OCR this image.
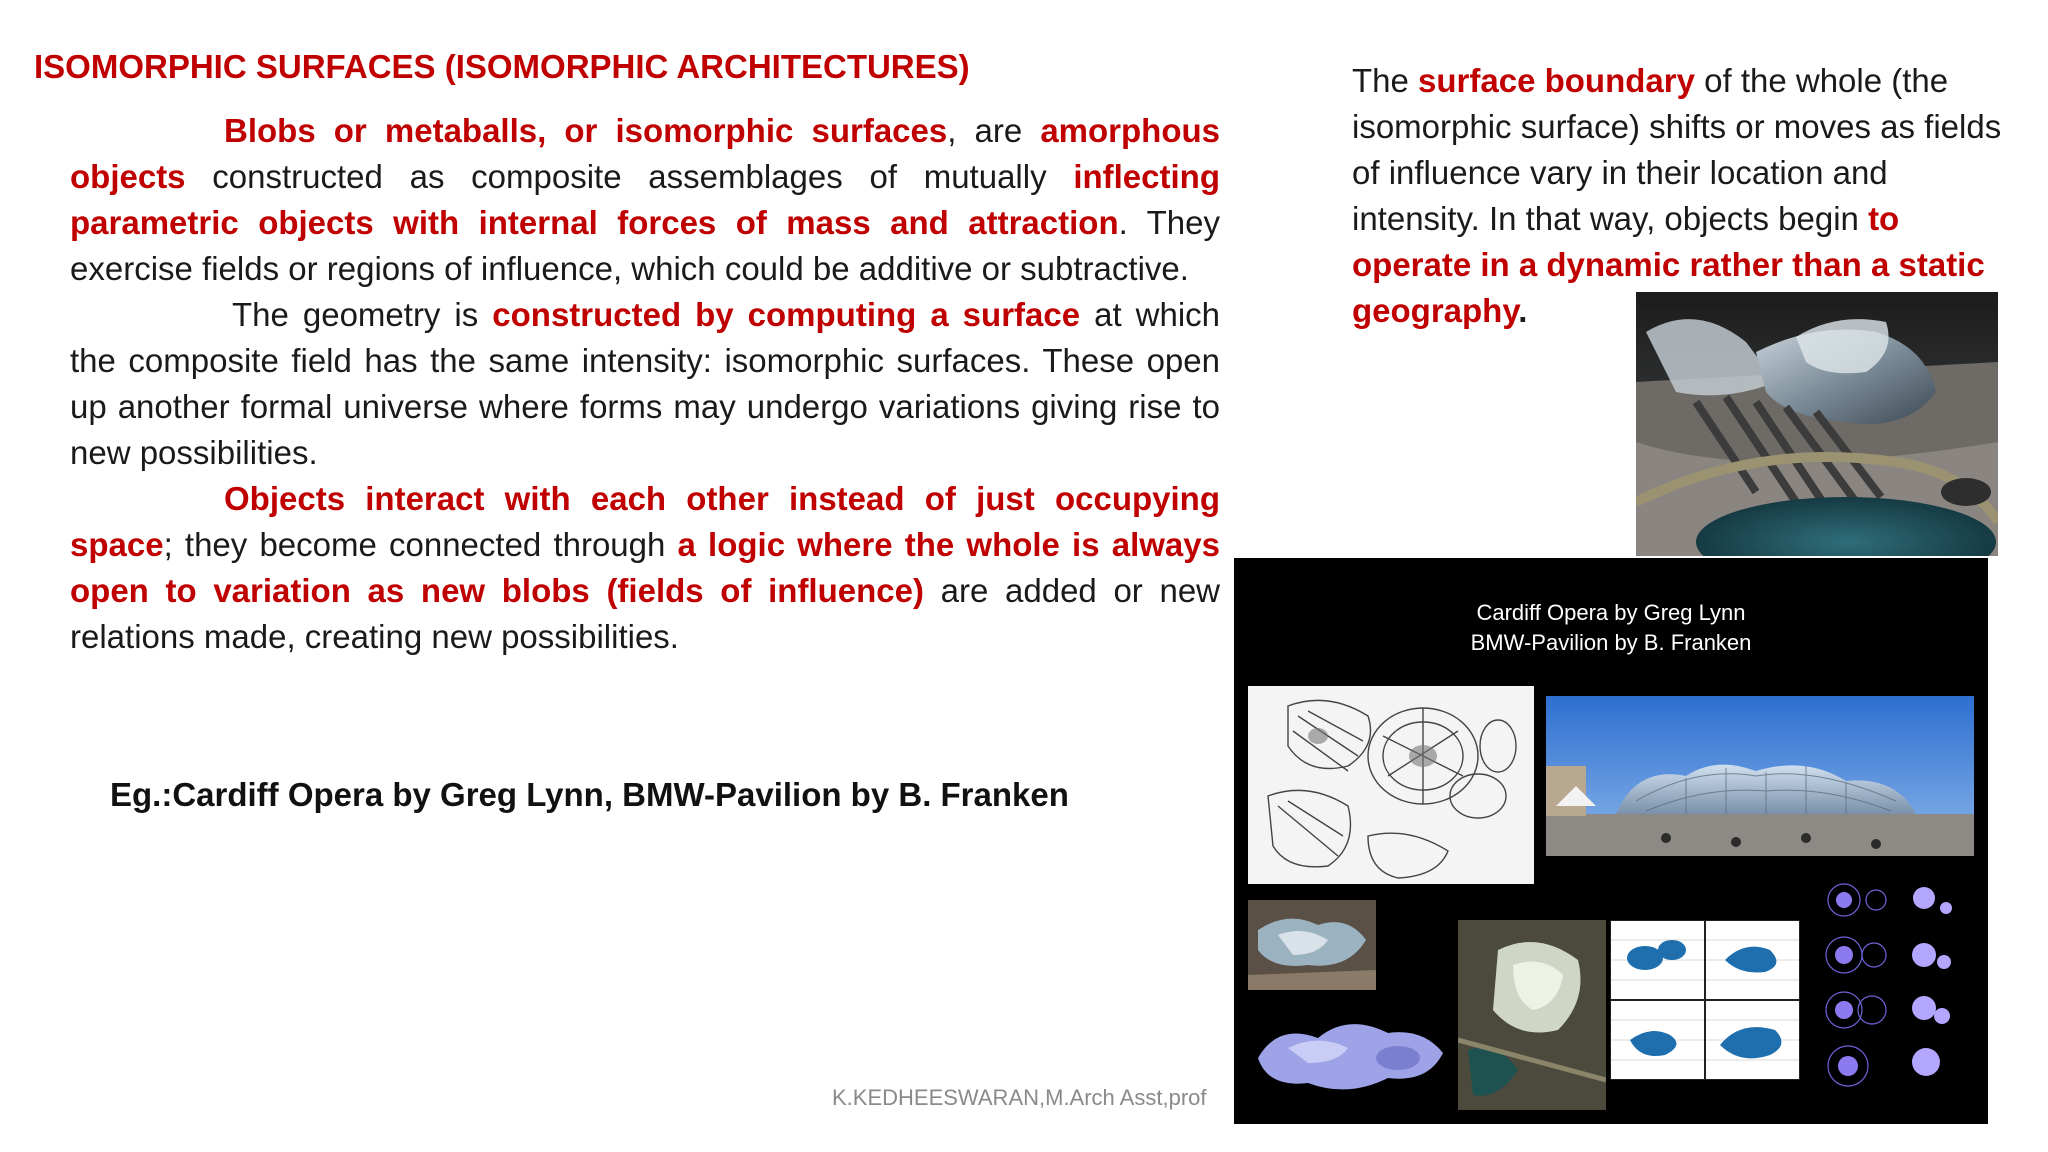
ISOMORPHIC SURFACES (ISOMORPHIC ARCHITECTURES)

Blobs or metaballs, or isomorphic surfaces, are amorphous objects constructed as composite assemblages of mutually inflecting parametric objects with internal forces of mass and attraction. They exercise fields or regions of influence, which could be additive or subtractive.

The geometry is constructed by computing a surface at which the composite field has the same intensity: isomorphic surfaces. These open up another formal universe where forms may undergo variations giving rise to new possibilities.

Objects interact with each other instead of just occupying space; they become connected through a logic where the whole is always open to variation as new blobs (fields of influence) are added or new relations made, creating new possibilities.

Eg.:Cardiff Opera by Greg Lynn, BMW-Pavilion by B. Franken
The surface boundary of the whole (the isomorphic surface) shifts or moves as fields of influence vary in their location and intensity. In that way, objects begin to operate in a dynamic rather than a static geography.
Cardiff Opera by Greg Lynn
BMW-Pavilion by B. Franken
K.KEDHEESWARAN,M.Arch Asst,prof
